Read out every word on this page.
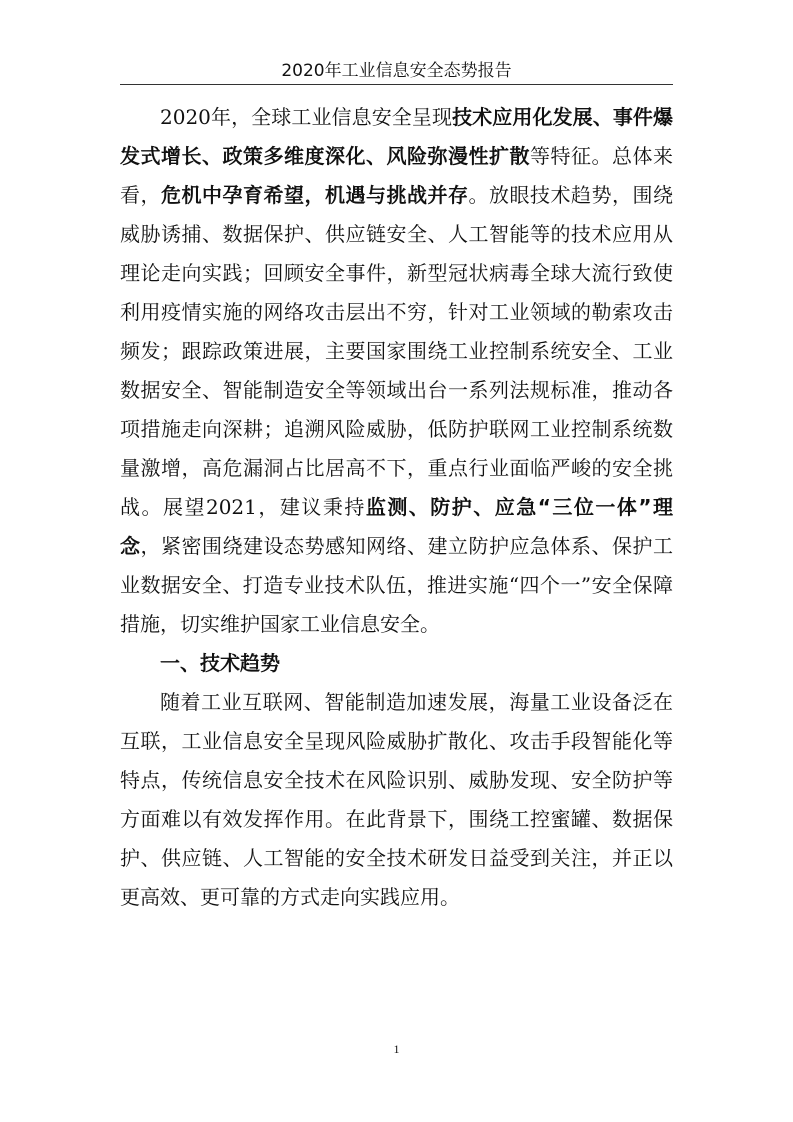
2020年工业信息安全态势报告

2020年，全球工业信息安全呈现技术应用化发展、事件爆发式增长、政策多维度深化、风险弥漫性扩散等特征。总体来看，危机中孕育希望，机遇与挑战并存。放眼技术趋势，围绕威胁诱捕、数据保护、供应链安全、人工智能等的技术应用从理论走向实践；回顾安全事件，新型冠状病毒全球大流行致使利用疫情实施的网络攻击层出不穷，针对工业领域的勒索攻击频发；跟踪政策进展，主要国家围绕工业控制系统安全、工业数据安全、智能制造安全等领域出台一系列法规标准，推动各项措施走向深耕；追溯风险威胁，低防护联网工业控制系统数量激增，高危漏洞占比居高不下，重点行业面临严峻的安全挑战。展望2021，建议秉持监测、防护、应急“三位一体”理念，紧密围绕建设态势感知网络、建立防护应急体系、保护工业数据安全、打造专业技术队伍，推进实施“四个一”安全保障措施，切实维护国家工业信息安全。

一、技术趋势

随着工业互联网、智能制造加速发展，海量工业设备泛在互联，工业信息安全呈现风险威胁扩散化、攻击手段智能化等特点，传统信息安全技术在风险识别、威胁发现、安全防护等方面难以有效发挥作用。在此背景下，围绕工控蜜罐、数据保护、供应链、人工智能的安全技术研发日益受到关注，并正以更高效、更可靠的方式走向实践应用。

1
